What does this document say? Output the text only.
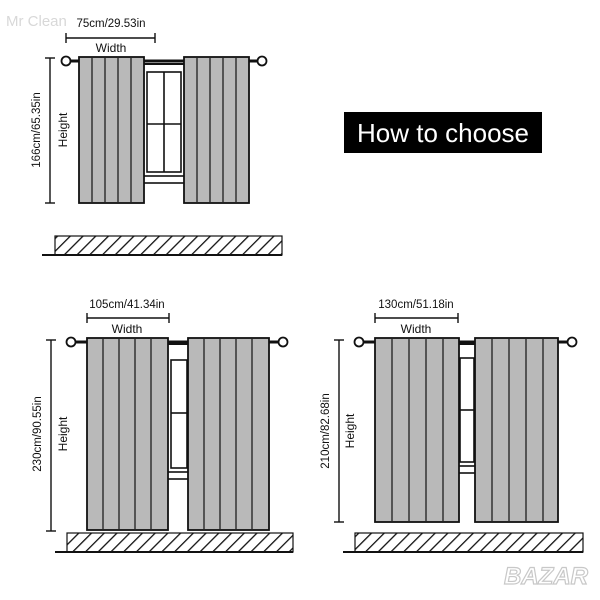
Mr Clean
How to choose
75cm/29.53in
Width
166cm/65.35in Height
105cm/41.34in
Width
230cm/90.55in Height
130cm/51.18in
Width
210cm/82.68in Height
BAZAR
